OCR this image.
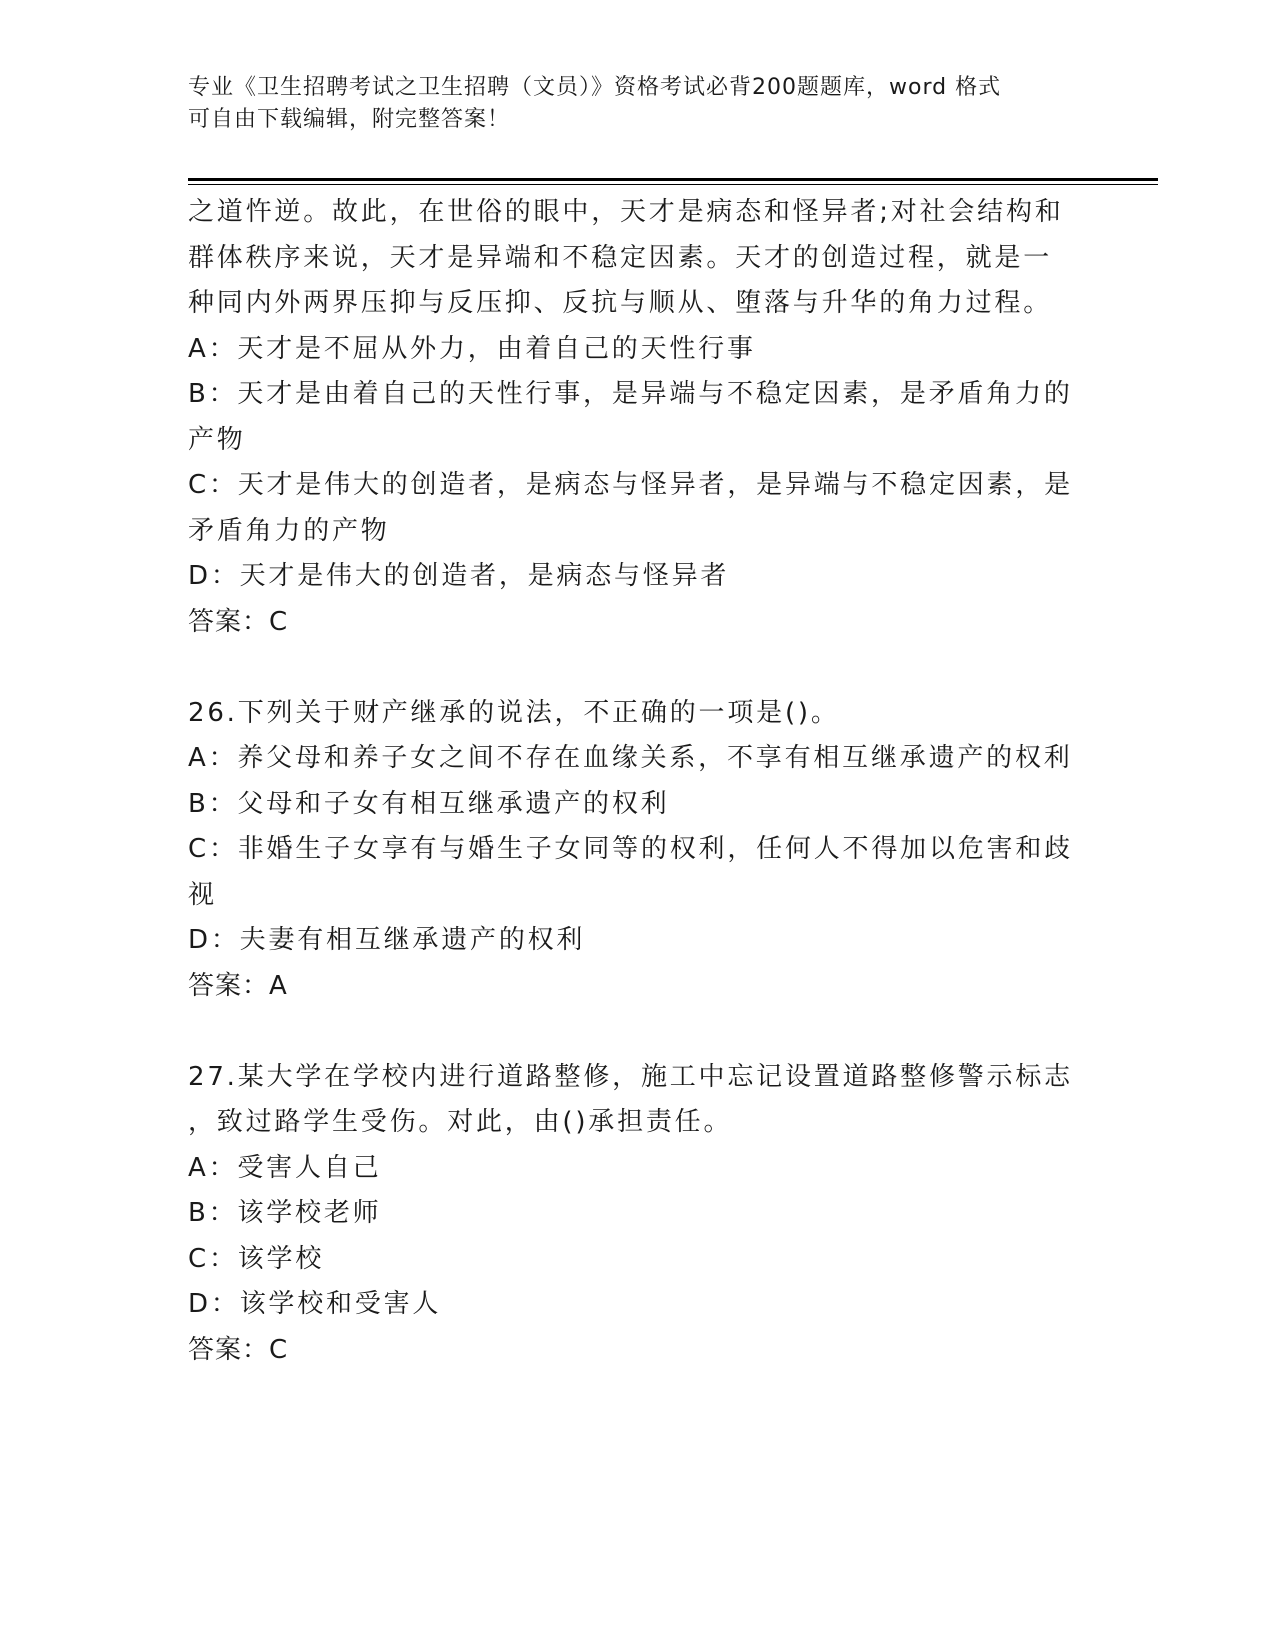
专业《卫生招聘考试之卫生招聘（文员）》资格考试必背200题题库，word 格式
可自由下载编辑，附完整答案！
之道忤逆。故此，在世俗的眼中，天才是病态和怪异者;对社会结构和
群体秩序来说，天才是异端和不稳定因素。天才的创造过程，就是一
种同内外两界压抑与反压抑、反抗与顺从、堕落与升华的角力过程。
A：天才是不屈从外力，由着自己的天性行事
B：天才是由着自己的天性行事，是异端与不稳定因素，是矛盾角力的
产物
C：天才是伟大的创造者，是病态与怪异者，是异端与不稳定因素，是
矛盾角力的产物
D：天才是伟大的创造者，是病态与怪异者
答案：C
26.下列关于财产继承的说法，不正确的一项是()。
A：养父母和养子女之间不存在血缘关系，不享有相互继承遗产的权利
B：父母和子女有相互继承遗产的权利
C：非婚生子女享有与婚生子女同等的权利，任何人不得加以危害和歧
视
D：夫妻有相互继承遗产的权利
答案：A
27.某大学在学校内进行道路整修，施工中忘记设置道路整修警示标志
，致过路学生受伤。对此，由()承担责任。
A：受害人自己
B：该学校老师
C：该学校
D：该学校和受害人
答案：C
